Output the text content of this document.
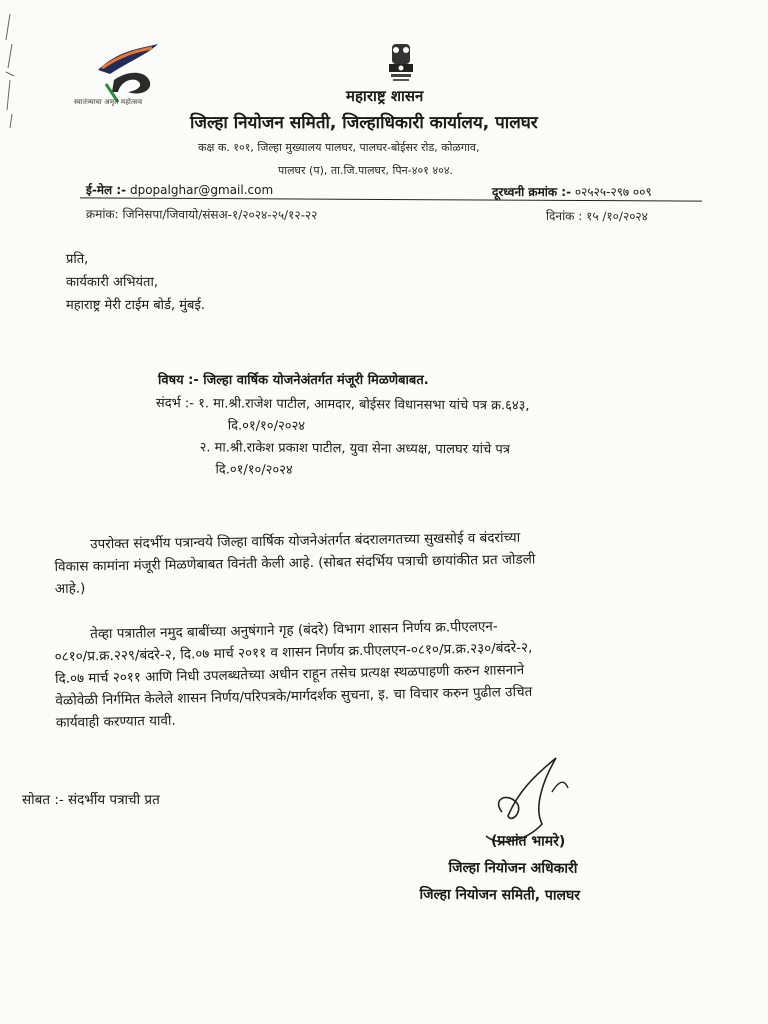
स्वातंत्र्याचा अमृत महोत्सव	महाराष्ट्र शासन
जिल्हा नियोजन समिती, जिल्हाधिकारी कार्यालय, पालघर
कक्ष क. १०१, जिल्हा मुख्यालय पालघर, पालघर-बोईसर रोड, कोळगाव,
पालघर (प), ता.जि.पालघर, पिन-४०१ ४०४.
ई-मेल :- dpopalghar@gmail.com	दूरध्वनी क्रमांक :- ०२५२५-२९७ ००९
क्रमांक: जिनिसपा/जिवायो/संसअ-१/२०२४-२५/१२-२२	दिनांक : १५ /१०/२०२४
प्रति,
कार्यकारी अभियंता,
महाराष्ट्र मेरी टाईम बोर्ड, मुंबई.
विषय :- जिल्हा वार्षिक योजनेअंतर्गत मंजूरी मिळणेबाबत.
संदर्भ :- १. मा.श्री.राजेश पाटील, आमदार, बोईसर विधानसभा यांचे पत्र क्र.६४३,
दि.०१/१०/२०२४
२. मा.श्री.राकेश प्रकाश पाटील, युवा सेना अध्यक्ष, पालघर यांचे पत्र
दि.०१/१०/२०२४
उपरोक्त संदर्भीय पत्रान्वये जिल्हा वार्षिक योजनेअंतर्गत बंदरालगतच्या सुखसोई व बंदरांच्या
विकास कामांना मंजूरी मिळणेबाबत विनंती केली आहे. (सोबत संदर्भिय पत्राची छायांकीत प्रत जोडली
आहे.)
तेव्हा पत्रातील नमुद बाबींच्या अनुषंगाने गृह (बंदरे) विभाग शासन निर्णय क्र.पीएलएन-
०८१०/प्र.क्र.२२९/बंदरे-२, दि.०७ मार्च २०११ व शासन निर्णय क्र.पीएलएन-०८१०/प्र.क्र.२३०/बंदरे-२,
दि.०७ मार्च २०११ आणि निधी उपलब्धतेच्या अधीन राहून तसेच प्रत्यक्ष स्थळपाहणी करुन शासनाने
वेळोवेळी निर्गमित केलेले शासन निर्णय/परिपत्रके/मार्गदर्शक सुचना, इ. चा विचार करुन पुढील उचित
कार्यवाही करण्यात यावी.
सोबत :- संदर्भीय पत्राची प्रत
(प्रशांत भामरे)
जिल्हा नियोजन अधिकारी
जिल्हा नियोजन समिती, पालघर
